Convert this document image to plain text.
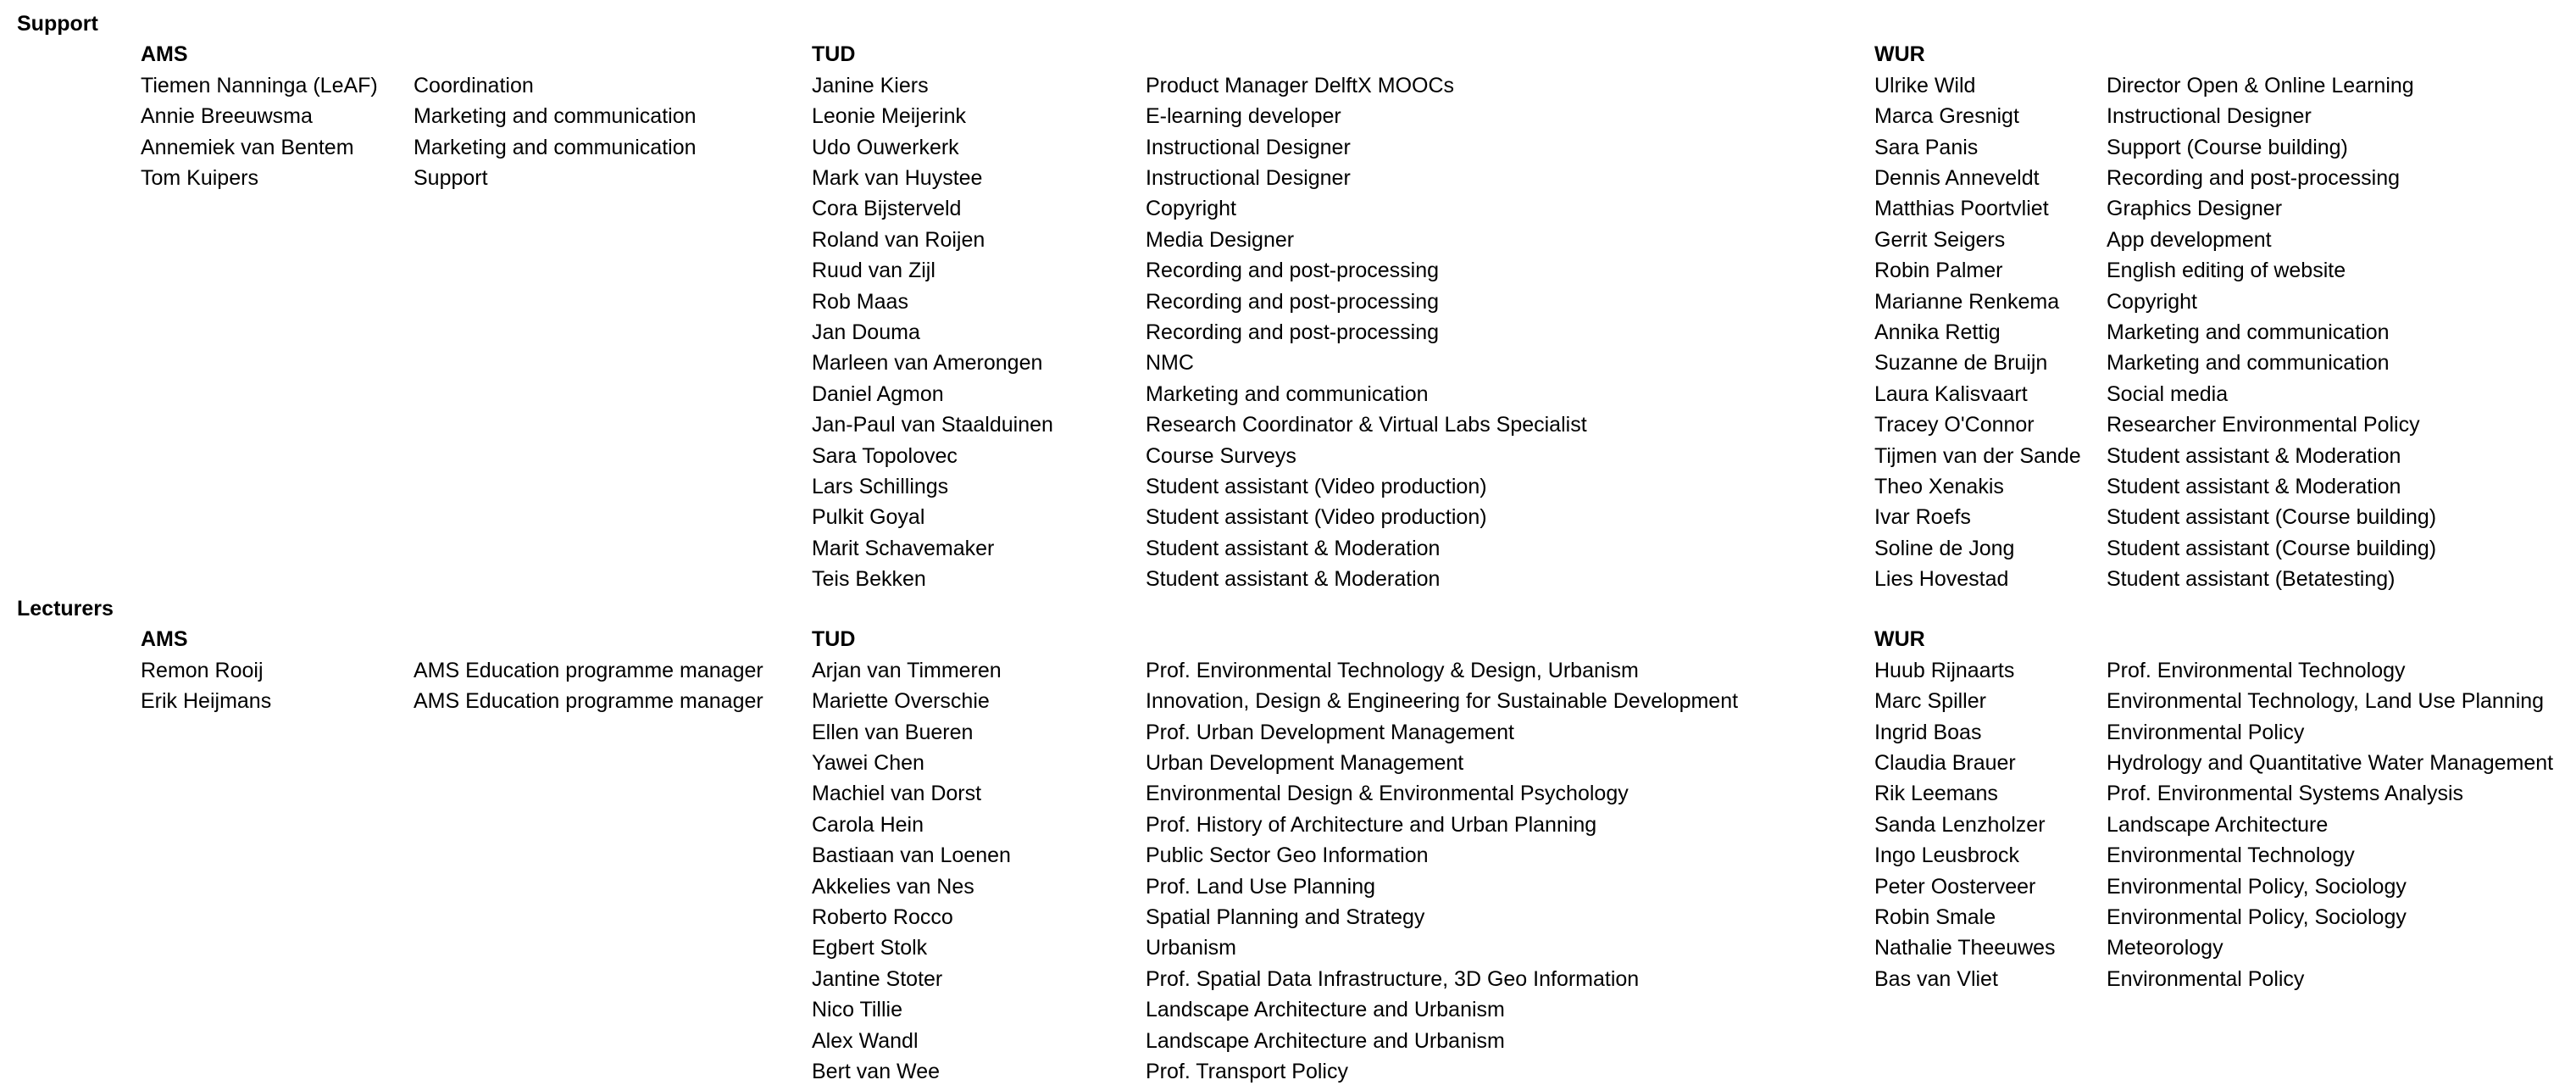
Support
AMS
Tiemen Nanninga (LeAF) Coordination
Annie Breeuwsma	Marketing and communication
Annemiek van Bentem	Marketing and communication
Tom Kuipers	Support
TUD
Janine Kiers	Product Manager DelftX MOOCs
Leonie Meijerink	E-learning developer
Udo Ouwerkerk	Instructional Designer
Mark van Huystee	Instructional Designer
Cora Bijsterveld	Copyright
Roland van Roijen	Media Designer
Ruud van Zijl	Recording and post-processing
Rob Maas	Recording and post-processing
Jan Douma	Recording and post-processing
Marleen van Amerongen	NMC
Daniel Agmon	Marketing and communication
Jan-Paul van Staalduinen	Research Coordinator & Virtual Labs Specialist
Sara Topolovec	Course Surveys
Lars Schillings	Student assistant (Video production)
Pulkit Goyal	Student assistant (Video production)
Marit Schavemaker	Student assistant & Moderation
Teis Bekken	Student assistant & Moderation
WUR
Ulrike Wild	Director Open & Online Learning
Marca Gresnigt	Instructional Designer
Sara Panis	Support (Course building)
Dennis Anneveldt	Recording and post-processing
Matthias Poortvliet	Graphics Designer
Gerrit Seigers	App development
Robin Palmer	English editing of website
Marianne Renkema Copyright
Annika Rettig	Marketing and communication
Suzanne de Bruijn	Marketing and communication
Laura Kalisvaart	Social media
Tracey O'Connor	Researcher Environmental Policy
Tijmen van der Sande Student assistant & Moderation
Theo Xenakis	Student assistant & Moderation
Ivar Roefs	Student assistant (Course building)
Soline de Jong	Student assistant (Course building)
Lies Hovestad	Student assistant (Betatesting)
Lecturers
AMS
Remon Rooij	AMS Education programme manager
Erik Heijmans	AMS Education programme manager
TUD
Arjan van Timmeren	Prof. Environmental Technology & Design, Urbanism
Mariette Overschie	Innovation, Design & Engineering for Sustainable Development
Ellen van Bueren	Prof. Urban Development Management
Yawei Chen	Urban Development Management
Machiel van Dorst	Environmental Design & Environmental Psychology
Carola Hein	Prof. History of Architecture and Urban Planning
Bastiaan van Loenen	Public Sector Geo Information
Akkelies van Nes	Prof. Land Use Planning
Roberto Rocco	Spatial Planning and Strategy
Egbert Stolk	Urbanism
Jantine Stoter	Prof. Spatial Data Infrastructure, 3D Geo Information
Nico Tillie	Landscape Architecture and Urbanism
Alex Wandl	Landscape Architecture and Urbanism
Bert van Wee	Prof. Transport Policy
WUR
Huub Rijnaarts	Prof. Environmental Technology
Marc Spiller	Environmental Technology, Land Use Planning
Ingrid Boas	Environmental Policy
Claudia Brauer	Hydrology and Quantitative Water Management
Rik Leemans	Prof. Environmental Systems Analysis
Sanda Lenzholzer	Landscape Architecture
Ingo Leusbrock	Environmental Technology
Peter Oosterveer	Environmental Policy, Sociology
Robin Smale	Environmental Policy, Sociology
Nathalie Theeuwes Meteorology
Bas van Vliet	Environmental Policy
